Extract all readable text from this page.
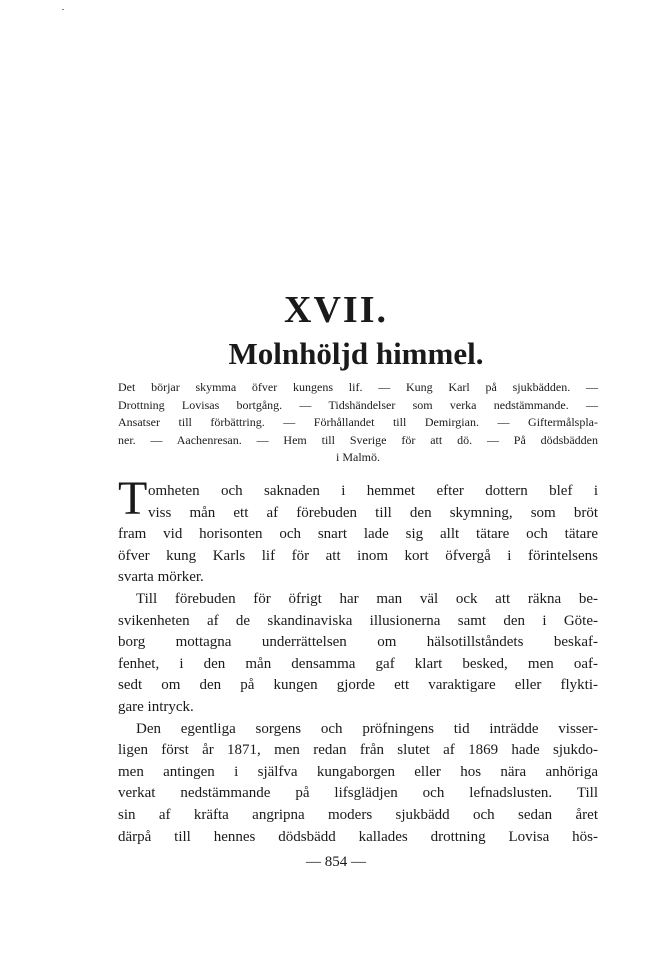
XVII.
Molnhöljd himmel.
Det börjar skymma öfver kungens lif. — Kung Karl på sjukbädden. —
Drottning Lovisas bortgång. — Tidshändelser som verka nedstämmande. —
Ansatser till förbättring. — Förhållandet till Demirgian. — Giftermålspla-
ner. — Aachenresan. — Hem till Sverige för att dö. — På dödsbädden
i Malmö.
T omheten och saknaden i hemmet efter dottern blef i
viss mån ett af förebuden till den skymning, som bröt
fram vid horisonten och snart lade sig allt tätare och tätare
öfver kung Karls lif för att inom kort öfvergå i förintelsens
svarta mörker.
Till förebuden för öfrigt har man väl ock att räkna be-
svikenheten af de skandinaviska illusionerna samt den i Göte-
borg mottagna underrättelsen om hälsotillståndets beskaf-
fenhet, i den mån densamma gaf klart besked, men oaf-
sedt om den på kungen gjorde ett varaktigare eller flykti-
gare intryck.
Den egentliga sorgens och pröfningens tid inträdde visser-
ligen först år 1871, men redan från slutet af 1869 hade sjukdo-
men antingen i själfva kungaborgen eller hos nära anhöriga
verkat nedstämmande på lifsglädjen och lefnadslusten. Till
sin af kräfta angripna moders sjukbädd och sedan året
därpå till hennes dödsbädd kallades drottning Lovisa hös-
— 854 —
